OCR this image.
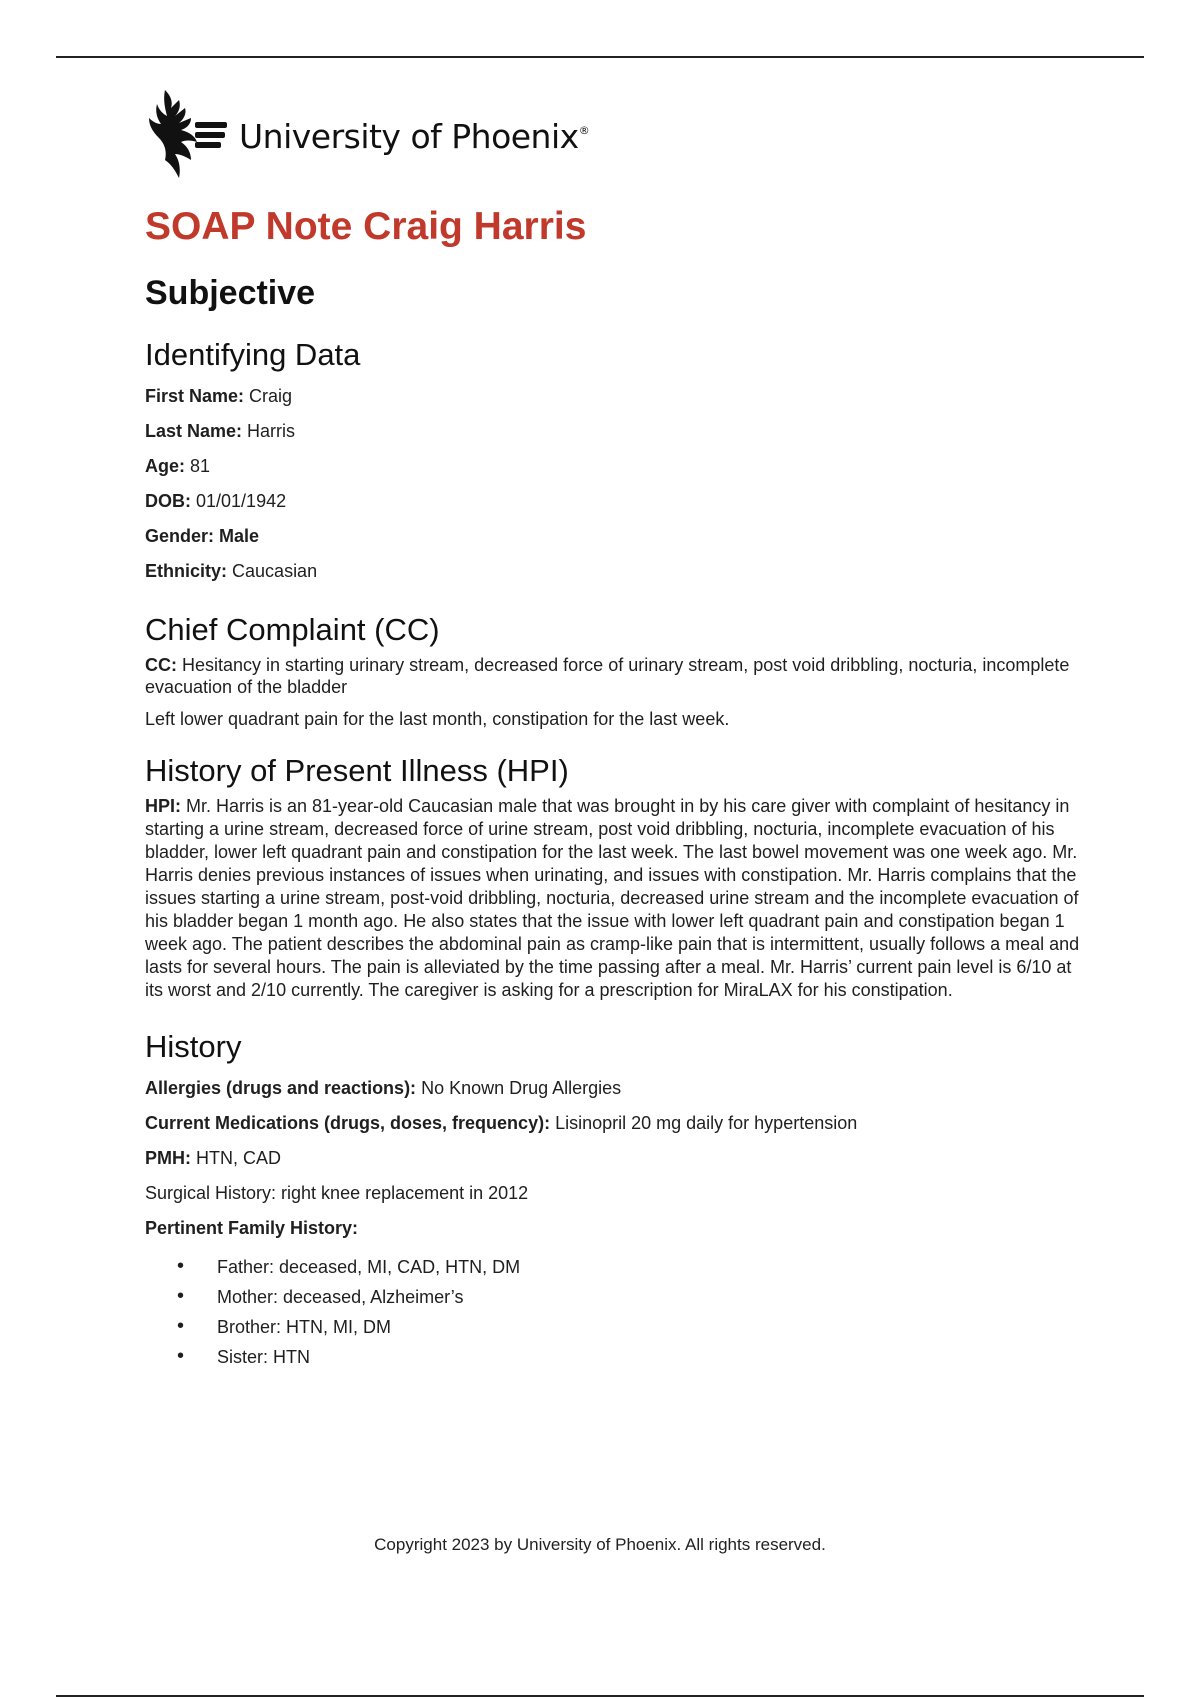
University of Phoenix®
SOAP Note Craig Harris
Subjective
Identifying Data

First Name: Craig

Last Name: Harris

Age: 81

DOB: 01/01/1942

Gender: Male

Ethnicity: Caucasian

Chief Complaint (CC)

CC: Hesitancy in starting urinary stream, decreased force of urinary stream, post void dribbling, nocturia, incomplete evacuation of the bladder

Left lower quadrant pain for the last month, constipation for the last week.

History of Present Illness (HPI)

HPI: Mr. Harris is an 81-year-old Caucasian male that was brought in by his care giver with complaint of hesitancy in starting a urine stream, decreased force of urine stream, post void dribbling, nocturia, incomplete evacuation of his bladder, lower left quadrant pain and constipation for the last week. The last bowel movement was one week ago. Mr. Harris denies previous instances of issues when urinating, and issues with constipation. Mr. Harris complains that the issues starting a urine stream, post-void dribbling, nocturia, decreased urine stream and the incomplete evacuation of his bladder began 1 month ago. He also states that the issue with lower left quadrant pain and constipation began 1 week ago. The patient describes the abdominal pain as cramp-like pain that is intermittent, usually follows a meal and lasts for several hours. The pain is alleviated by the time passing after a meal. Mr. Harris’ current pain level is 6/10 at its worst and 2/10 currently. The caregiver is asking for a prescription for MiraLAX for his constipation.

History

Allergies (drugs and reactions): No Known Drug Allergies

Current Medications (drugs, doses, frequency): Lisinopril 20 mg daily for hypertension

PMH: HTN, CAD

Surgical History: right knee replacement in 2012

Pertinent Family History:

• Father: deceased, MI, CAD, HTN, DM
• Mother: deceased, Alzheimer’s
• Brother: HTN, MI, DM
• Sister: HTN
Copyright 2023 by University of Phoenix. All rights reserved.
